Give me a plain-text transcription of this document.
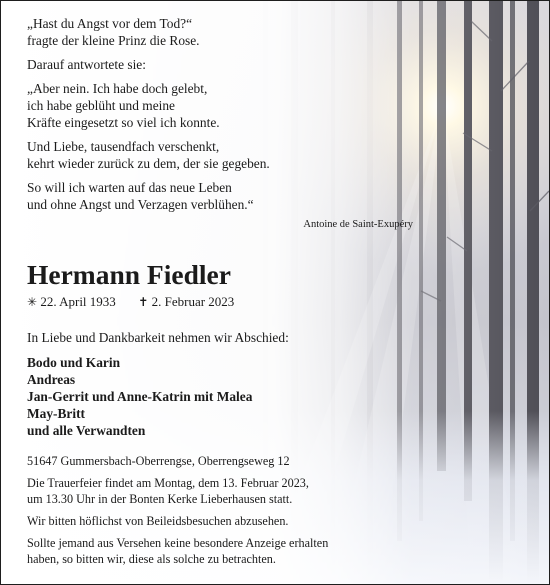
„Hast du Angst vor dem Tod?“
fragte der kleine Prinz die Rose.

Darauf antwortete sie:

„Aber nein. Ich habe doch gelebt,
ich habe geblüht und meine
Kräfte eingesetzt so viel ich konnte.

Und Liebe, tausendfach verschenkt,
kehrt wieder zurück zu dem, der sie gegeben.

So will ich warten auf das neue Leben
und ohne Angst und Verzagen verblühen.“

Antoine de Saint-Exupéry

Hermann Fiedler
✳ 22. April 1933 ✝ 2. Februar 2023
In Liebe und Dankbarkeit nehmen wir Abschied:
Bodo und Karin
Andreas
Jan-Gerrit und Anne-Katrin mit Malea
May-Britt
und alle Verwandten

51647 Gummersbach-Oberrengse, Oberrengseweg 12

Die Trauerfeier findet am Montag, dem 13. Februar 2023,
um 13.30 Uhr in der Bonten Kerke Lieberhausen statt.

Wir bitten höflichst von Beileidsbesuchen abzusehen.

Sollte jemand aus Versehen keine besondere Anzeige erhalten
haben, so bitten wir, diese als solche zu betrachten.
